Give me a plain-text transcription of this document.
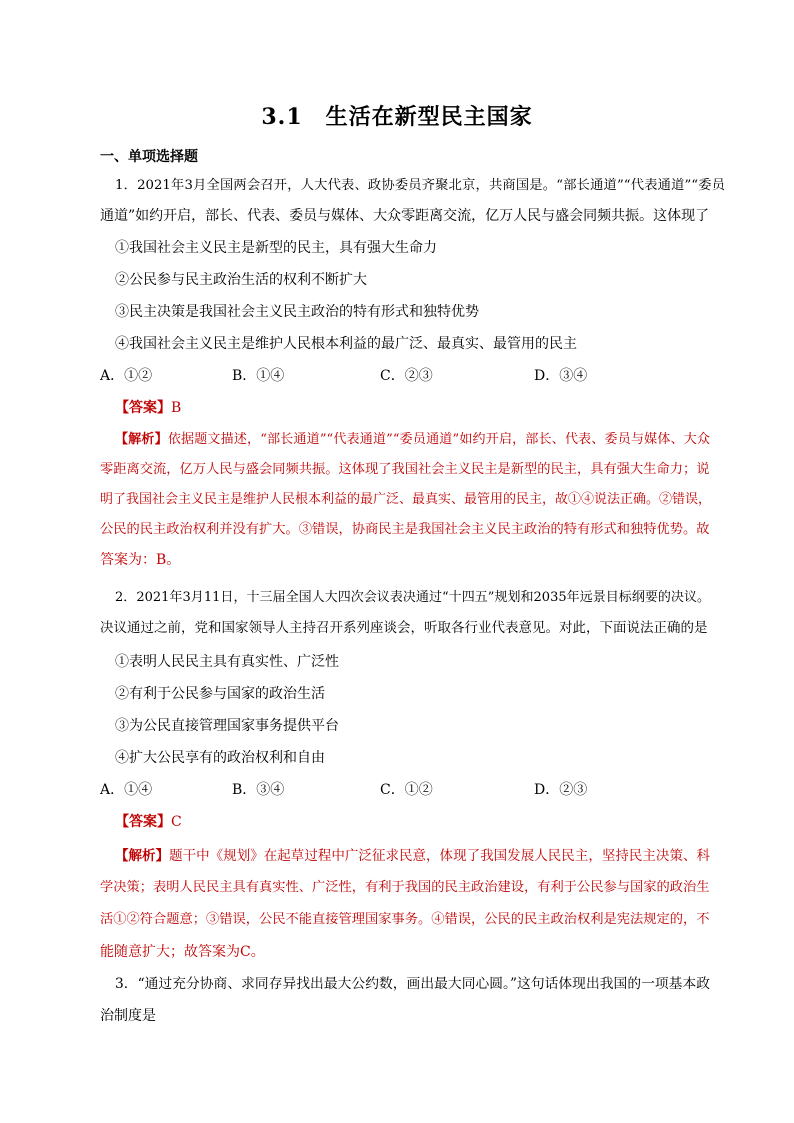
3.1　生活在新型民主国家
一、单项选择题
1．2021年3月全国两会召开，人大代表、政协委员齐聚北京，共商国是。“部长通道”“代表通道”“委员
通道”如约开启，部长、代表、委员与媒体、大众零距离交流，亿万人民与盛会同频共振。这体现了
①我国社会主义民主是新型的民主，具有强大生命力
②公民参与民主政治生活的权利不断扩大
③民主决策是我国社会主义民主政治的特有形式和独特优势
④我国社会主义民主是维护人民根本利益的最广泛、最真实、最管用的民主
A．①②	B．①④	C．②③	D．③④
【答案】B
【解析】依据题文描述，“部长通道”“代表通道”“委员通道”如约开启，部长、代表、委员与媒体、大众
零距离交流，亿万人民与盛会同频共振。这体现了我国社会主义民主是新型的民主，具有强大生命力；说
明了我国社会主义民主是维护人民根本利益的最广泛、最真实、最管用的民主，故①④说法正确。②错误，
公民的民主政治权利并没有扩大。③错误，协商民主是我国社会主义民主政治的特有形式和独特优势。故
答案为：B。
2．2021年3月11日，十三届全国人大四次会议表决通过“十四五”规划和2035年远景目标纲要的决议。
决议通过之前，党和国家领导人主持召开系列座谈会，听取各行业代表意见。对此，下面说法正确的是
①表明人民民主具有真实性、广泛性
②有利于公民参与国家的政治生活
③为公民直接管理国家事务提供平台
④扩大公民享有的政治权利和自由
A．①④	B．③④	C．①②	D．②③
【答案】C
【解析】题干中《规划》在起草过程中广泛征求民意，体现了我国发展人民民主，坚持民主决策、科
学决策；表明人民民主具有真实性、广泛性，有利于我国的民主政治建设，有利于公民参与国家的政治生
活①②符合题意；③错误，公民不能直接管理国家事务。④错误，公民的民主政治权利是宪法规定的，不
能随意扩大；故答案为C。
3．“通过充分协商、求同存异找出最大公约数，画出最大同心圆。”这句话体现出我国的一项基本政
治制度是
